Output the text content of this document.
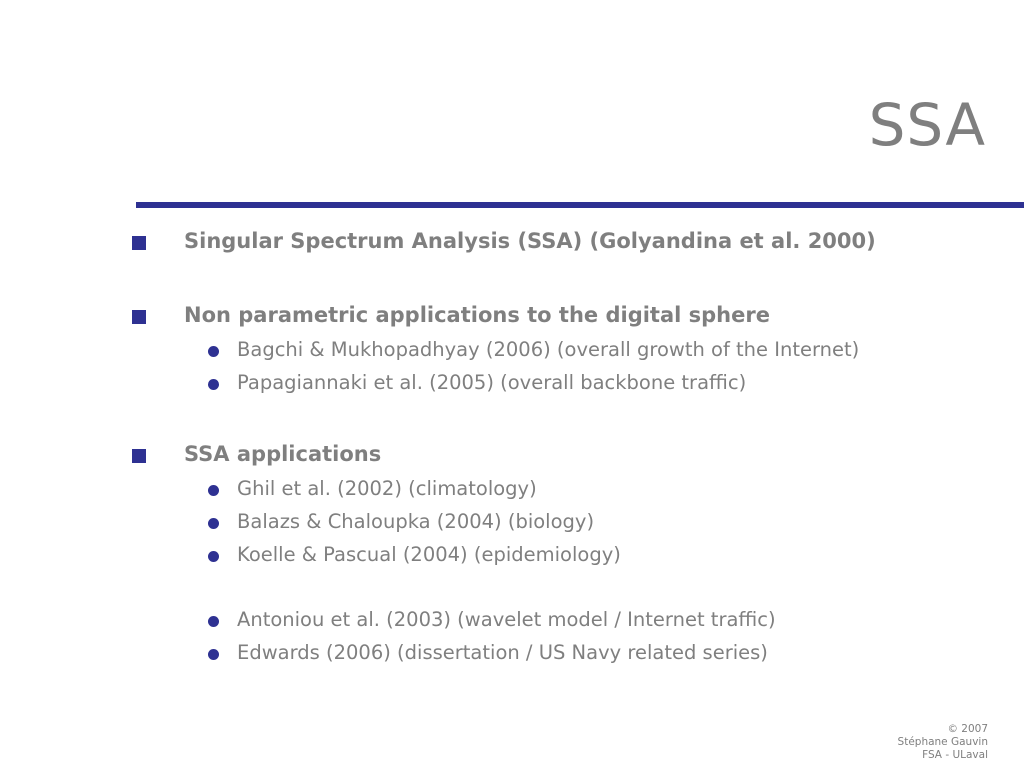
SSA
Singular Spectrum Analysis (SSA) (Golyandina et al. 2000)
Non parametric applications to the digital sphere
Bagchi & Mukhopadhyay (2006) (overall growth of the Internet)
Papagiannaki et al. (2005) (overall backbone traffic)
SSA applications
Ghil et al. (2002) (climatology)
Balazs & Chaloupka (2004) (biology)
Koelle & Pascual (2004) (epidemiology)
Antoniou et al. (2003) (wavelet model / Internet traffic)
Edwards (2006) (dissertation / US Navy related series)
© 2007
Stéphane Gauvin
FSA - ULaval
